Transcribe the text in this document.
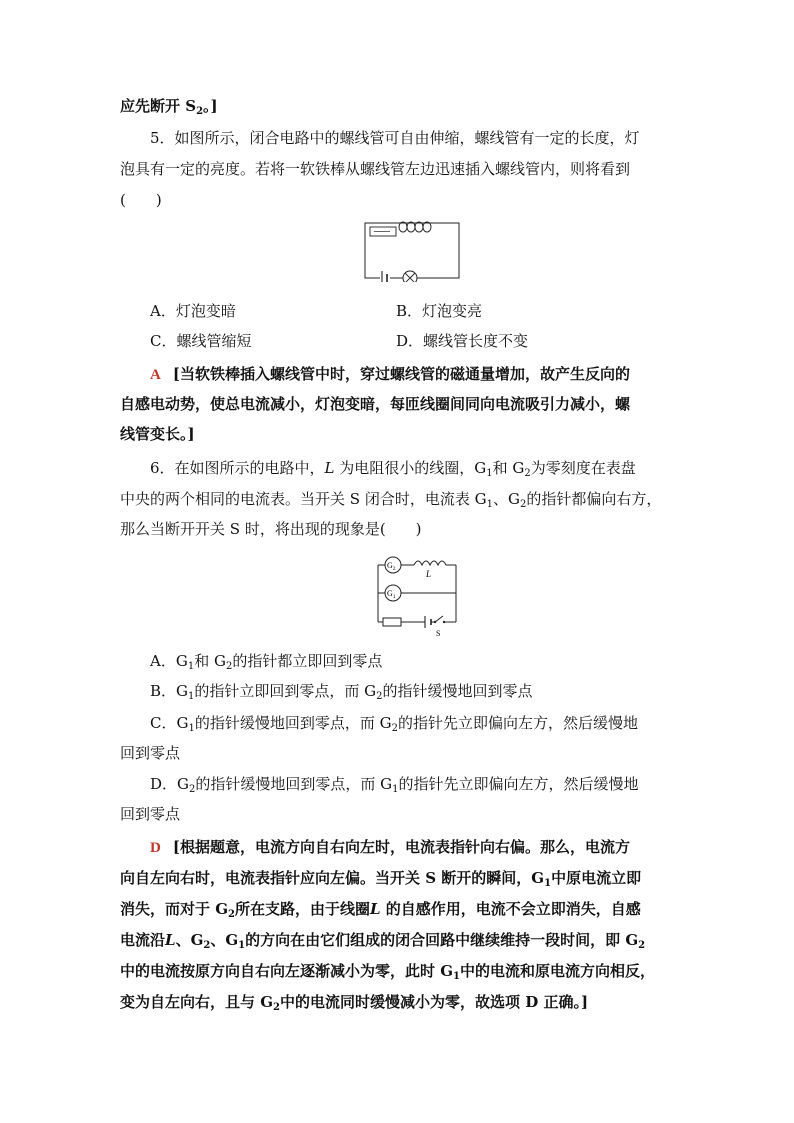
应先断开 $S_2$。]
5．如图所示，闭合电路中的螺线管可自由伸缩，螺线管有一定的长度，灯
泡具有一定的亮度。若将一软铁棒从螺线管左边迅速插入螺线管内，则将看到
(　　)
A．灯泡变暗	B．灯泡变亮
C．螺线管缩短	D．螺线管长度不变
A [当软铁棒插入螺线管中时，穿过螺线管的磁通量增加，故产生反向的
自感电动势，使总电流减小，灯泡变暗，每匝线圈间同向电流吸引力减小，螺
线管变长。]
6．在如图所示的电路中，L 为电阻很小的线圈，$G_1$和 $G_2$为零刻度在表盘
中央的两个相同的电流表。当开关 S 闭合时，电流表 $G_1$、$G_2$的指针都偏向右方，
那么当断开开关 S 时，将出现的现象是(　　)
$G_2$
$G_1$
L
S
A．$G_1$和 $G_2$的指针都立即回到零点
B．$G_1$的指针立即回到零点，而 $G_2$的指针缓慢地回到零点
C．$G_1$的指针缓慢地回到零点，而 $G_2$的指针先立即偏向左方，然后缓慢地
回到零点
D．$G_2$的指针缓慢地回到零点，而 $G_1$的指针先立即偏向左方，然后缓慢地
回到零点
D [根据题意，电流方向自右向左时，电流表指针向右偏。那么，电流方
向自左向右时，电流表指针应向左偏。当开关 S 断开的瞬间，$G_1$中原电流立即
消失，而对于 $G_2$所在支路，由于线圈L 的自感作用，电流不会立即消失，自感
电流沿L、$G_2$、$G_1$的方向在由它们组成的闭合回路中继续维持一段时间，即 $G_2$
中的电流按原方向自右向左逐渐减小为零，此时 $G_1$中的电流和原电流方向相反，
变为自左向右，且与 $G_2$中的电流同时缓慢减小为零，故选项 D 正确。]
